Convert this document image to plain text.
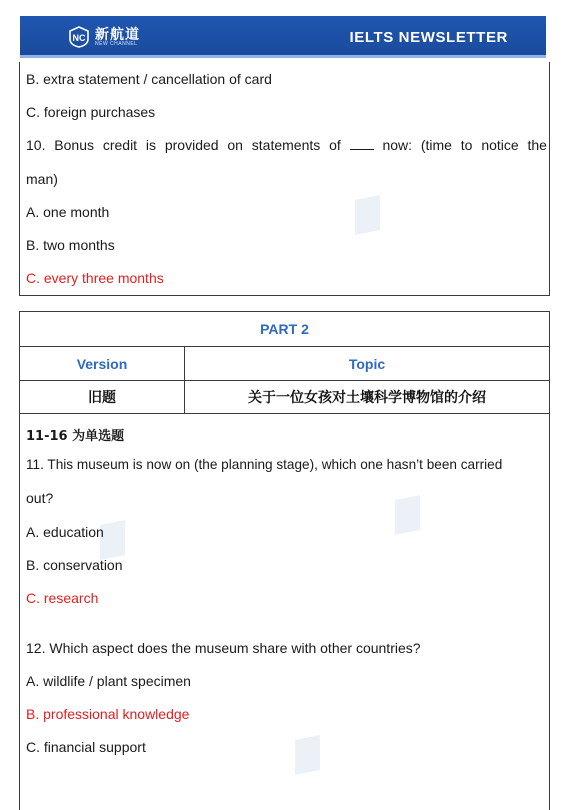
NC 新航道
NEW CHANNEL	IELTS NEWSLETTER
B. extra statement / cancellation of card
C. foreign purchases
10. Bonus credit is provided on statements of	now: (time to notice the
man)
A. one month
B. two months
C. every three months
PART 2
Version	Topic
旧题	关于一位女孩对土壤科学博物馆的介绍
11-16 为单选题
11. This museum is now on (the planning stage), which one hasn’t been carried
out?
A. education
B. conservation
C. research
12. Which aspect does the museum share with other countries?
A. wildlife / plant specimen
B. professional knowledge
C. financial support
